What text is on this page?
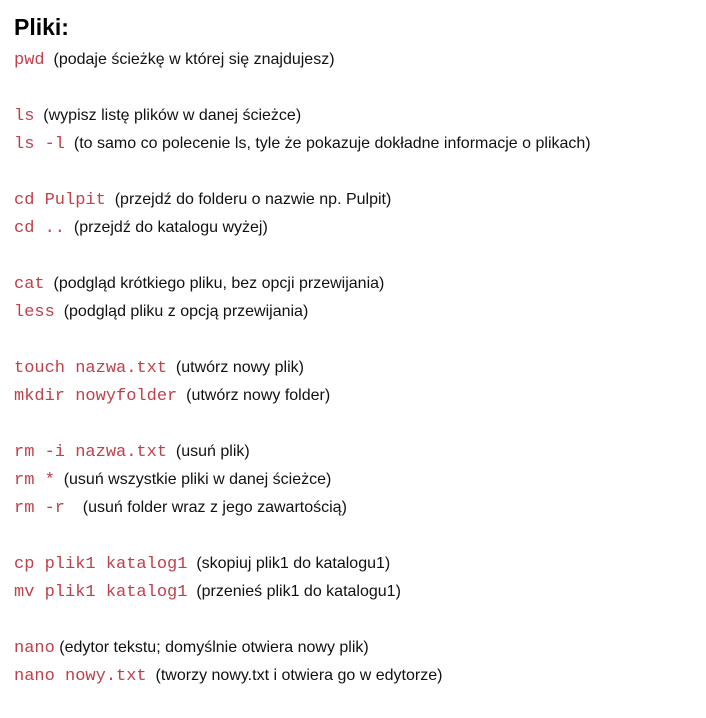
Pliki:
pwd
(podaje ścieżkę w której się znajdujesz)
ls
(wypisz listę plików w danej ścieżce)
ls -l
(to samo co polecenie ls, tyle że pokazuje dokładne informacje o plikach)
cd Pulpit
(przejdź do folderu o nazwie np. Pulpit)
cd ..
(przejdź do katalogu wyżej)
cat
(podgląd krótkiego pliku, bez opcji przewijania)
less
(podgląd pliku z opcją przewijania)
touch nazwa.txt
(utwórz nowy plik)
mkdir nowyfolder
(utwórz nowy folder)
rm -i nazwa.txt
(usuń plik)
rm *
(usuń wszystkie pliki w danej ścieżce)
rm -r
(usuń folder wraz z jego zawartością)
cp plik1 katalog1
(skopiuj plik1 do katalogu1)
mv plik1 katalog1
(przenieś plik1 do katalogu1)
nano
(edytor tekstu; domyślnie otwiera nowy plik)
nano nowy.txt
(tworzy nowy.txt i otwiera go w edytorze)
